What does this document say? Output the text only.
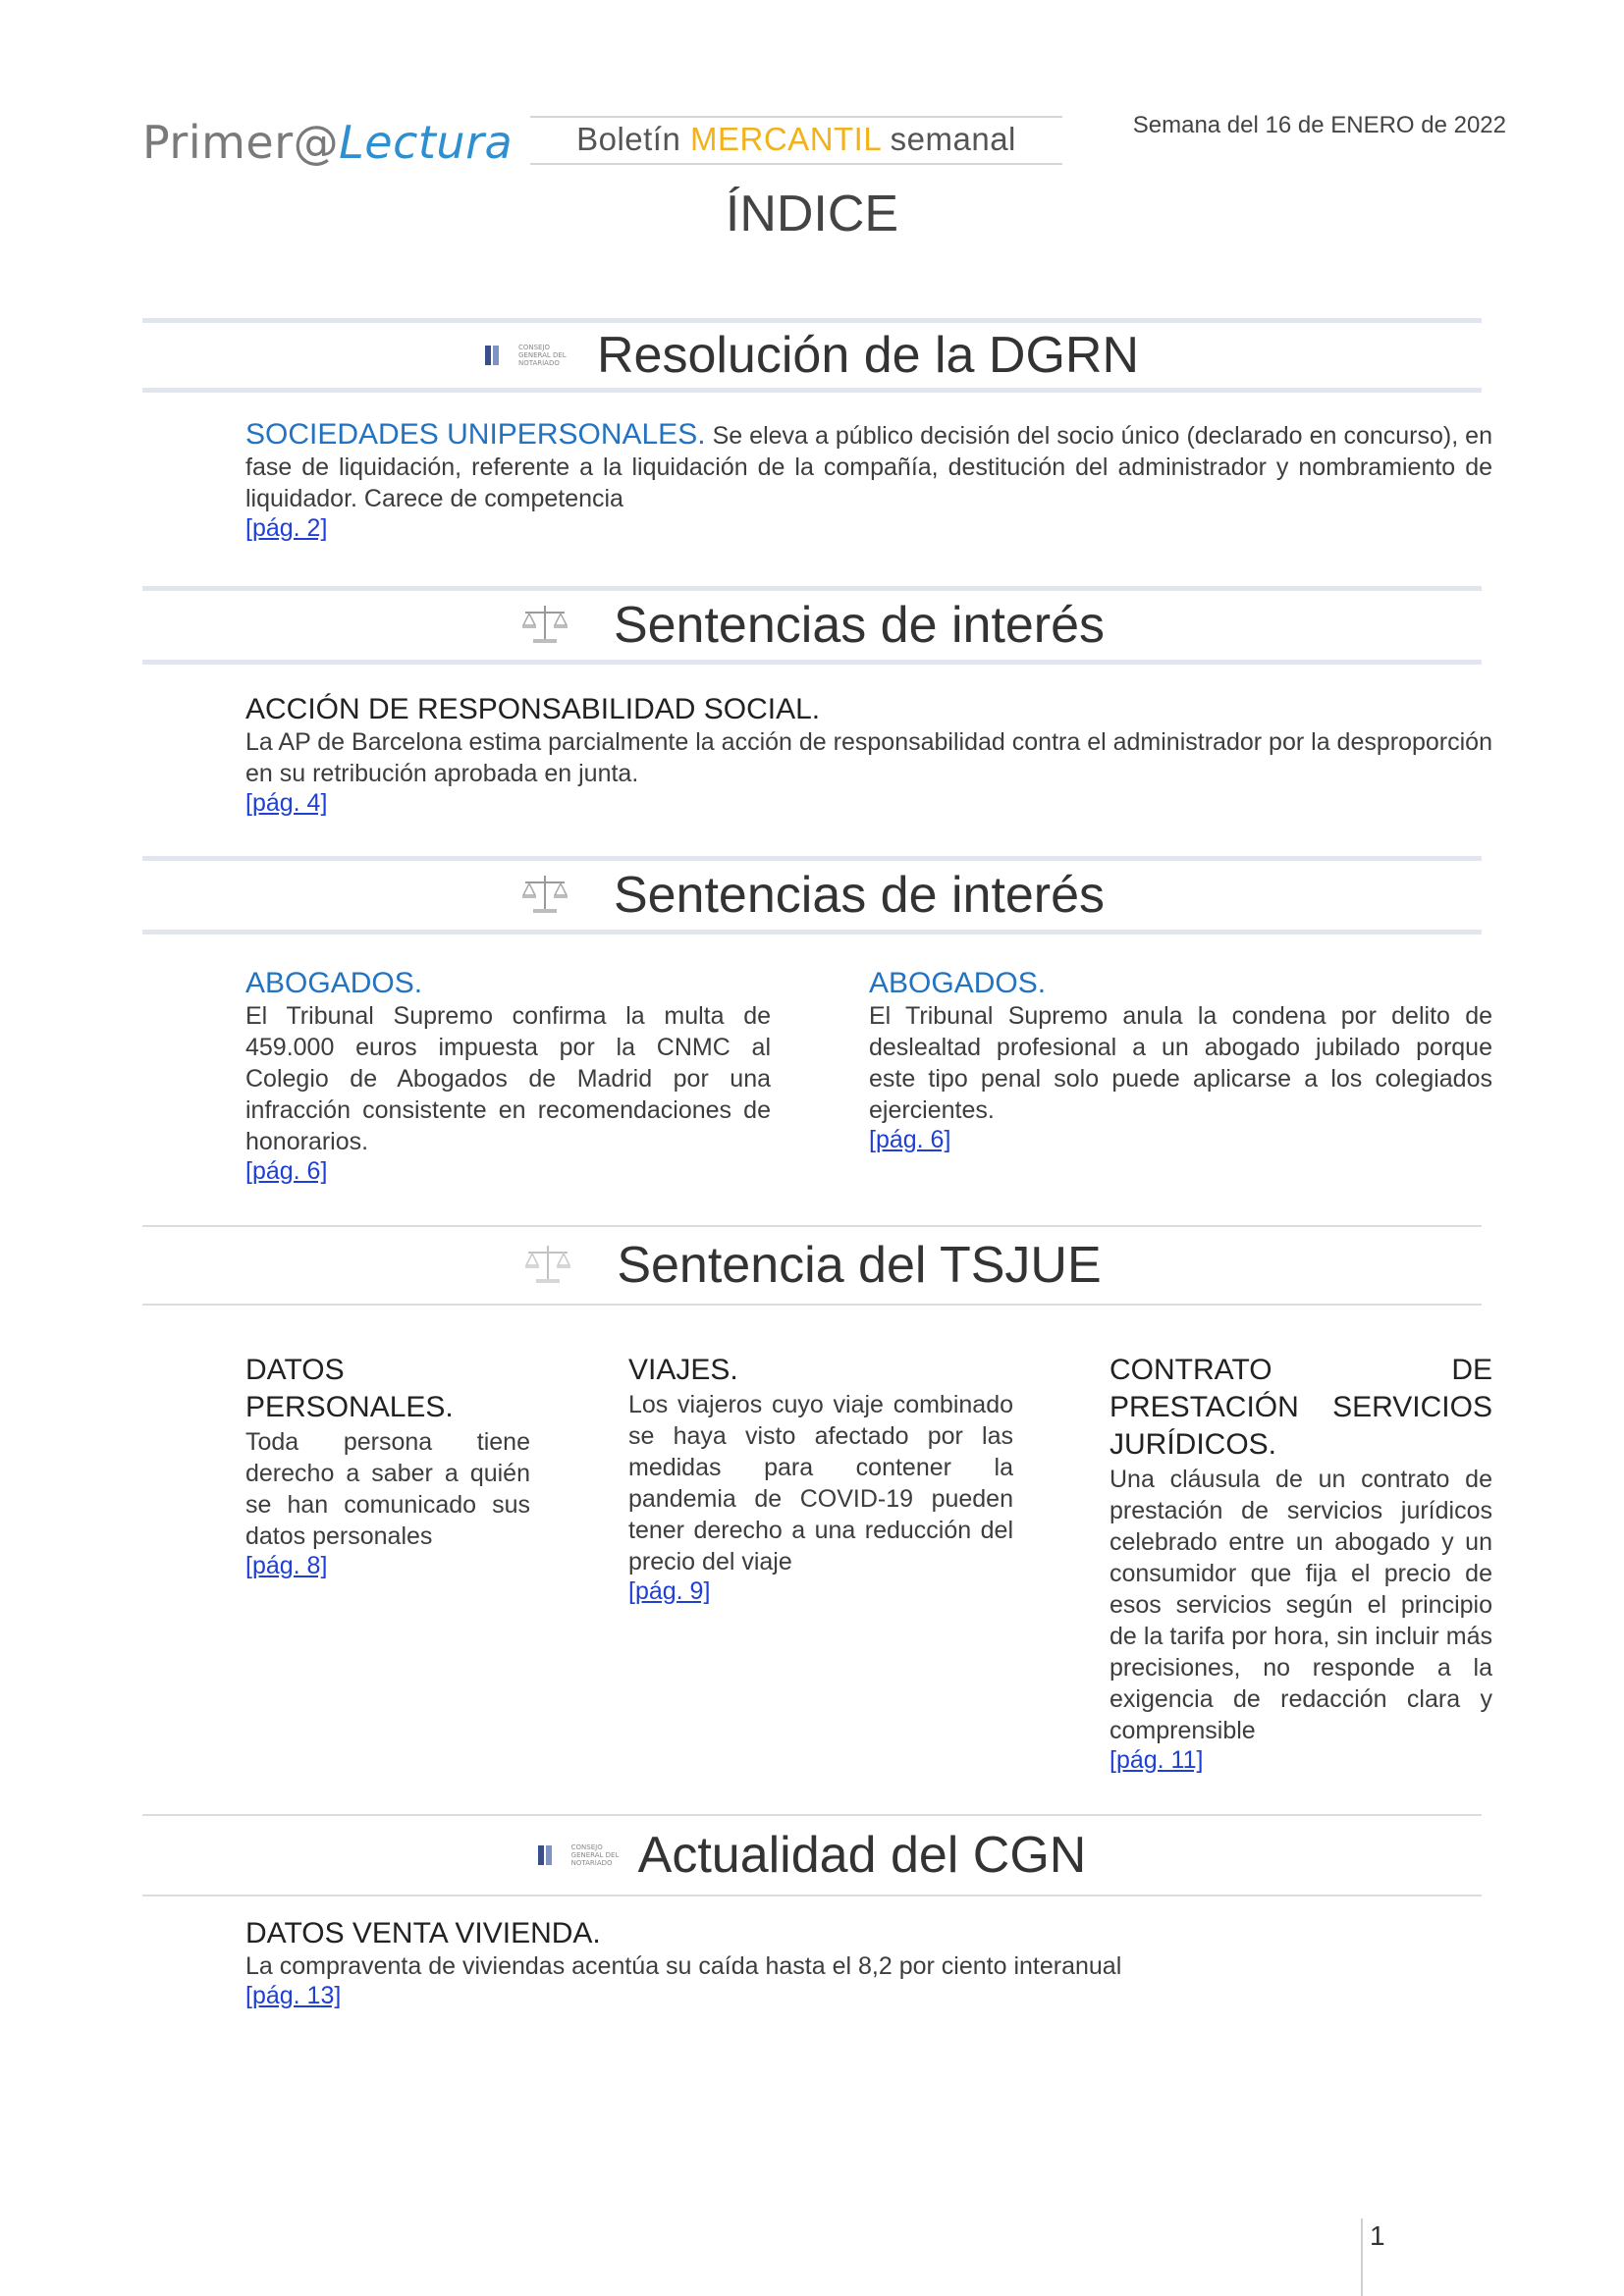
Primer@Lectura	Boletín MERCANTIL semanal	Semana del 16 de ENERO de 2022
ÍNDICE
CONSEJO GENERAL DEL NOTARIADO Resolución de la DGRN
SOCIEDADES UNIPERSONALES. Se eleva a público decisión del socio único (declarado en concurso), en fase de liquidación, referente a la liquidación de la compañía, destitución del administrador y nombramiento de liquidador. Carece de competencia
[pág. 2]
Sentencias de interés
ACCIÓN DE RESPONSABILIDAD SOCIAL.
La AP de Barcelona estima parcialmente la acción de responsabilidad contra el administrador por la desproporción en su retribución aprobada en junta.
[pág. 4]
Sentencias de interés
ABOGADOS.
El Tribunal Supremo confirma la multa de 459.000 euros impuesta por la CNMC al Colegio de Abogados de Madrid por una infracción consistente en recomendaciones de honorarios.
[pág. 6]
ABOGADOS.
El Tribunal Supremo anula la condena por delito de deslealtad profesional a un abogado jubilado porque este tipo penal solo puede aplicarse a los colegiados ejercientes.
[pág. 6]
Sentencia del TSJUE
DATOS PERSONALES.
Toda persona tiene derecho a saber a quién se han comunicado sus datos personales
[pág. 8]
VIAJES.
Los viajeros cuyo viaje combinado se haya visto afectado por las medidas para contener la pandemia de COVID-19 pueden tener derecho a una reducción del precio del viaje
[pág. 9]
CONTRATO DE PRESTACIÓN SERVICIOS JURÍDICOS.
Una cláusula de un contrato de prestación de servicios jurídicos celebrado entre un abogado y un consumidor que fija el precio de esos servicios según el principio de la tarifa por hora, sin incluir más precisiones, no responde a la exigencia de redacción clara y comprensible
[pág. 11]
CONSEJO GENERAL DEL NOTARIADO Actualidad del CGN
DATOS VENTA VIVIENDA.
La compraventa de viviendas acentúa su caída hasta el 8,2 por ciento interanual
[pág. 13]
1
